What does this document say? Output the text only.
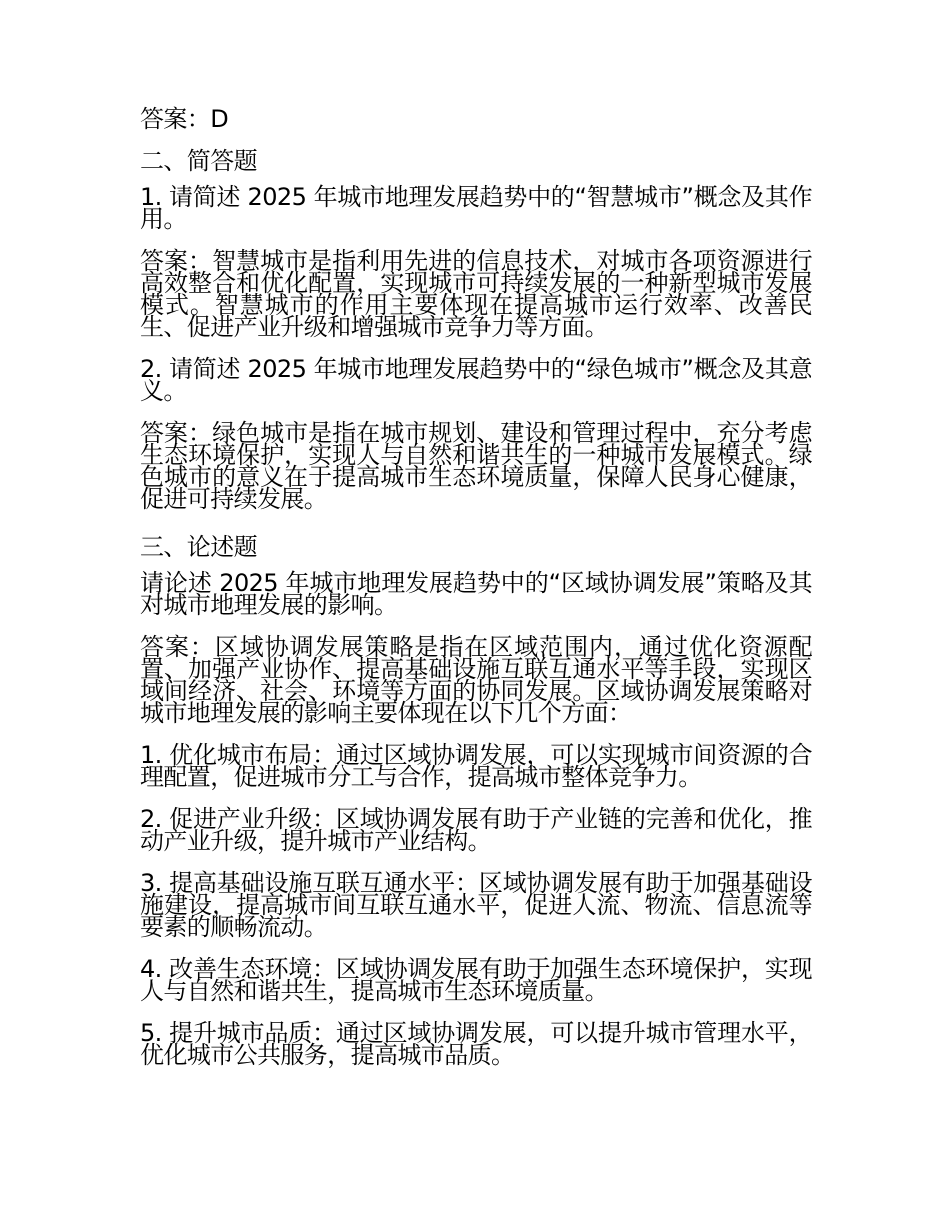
答案：D

二、简答题

1. 请简述 2025 年城市地理发展趋势中的“智慧城市”概念及其作用。

答案：智慧城市是指利用先进的信息技术，对城市各项资源进行高效整合和优化配置，实现城市可持续发展的一种新型城市发展模式。智慧城市的作用主要体现在提高城市运行效率、改善民生、促进产业升级和增强城市竞争力等方面。

2. 请简述 2025 年城市地理发展趋势中的“绿色城市”概念及其意义。

答案：绿色城市是指在城市规划、建设和管理过程中，充分考虑生态环境保护，实现人与自然和谐共生的一种城市发展模式。绿色城市的意义在于提高城市生态环境质量，保障人民身心健康，促进可持续发展。

三、论述题

请论述 2025 年城市地理发展趋势中的“区域协调发展”策略及其对城市地理发展的影响。

答案：区域协调发展策略是指在区域范围内，通过优化资源配置、加强产业协作、提高基础设施互联互通水平等手段，实现区域间经济、社会、环境等方面的协同发展。区域协调发展策略对城市地理发展的影响主要体现在以下几个方面：

1. 优化城市布局：通过区域协调发展，可以实现城市间资源的合理配置，促进城市分工与合作，提高城市整体竞争力。

2. 促进产业升级：区域协调发展有助于产业链的完善和优化，推动产业升级，提升城市产业结构。

3. 提高基础设施互联互通水平：区域协调发展有助于加强基础设施建设，提高城市间互联互通水平，促进人流、物流、信息流等要素的顺畅流动。

4. 改善生态环境：区域协调发展有助于加强生态环境保护，实现人与自然和谐共生，提高城市生态环境质量。

5. 提升城市品质：通过区域协调发展，可以提升城市管理水平，优化城市公共服务，提高城市品质。
